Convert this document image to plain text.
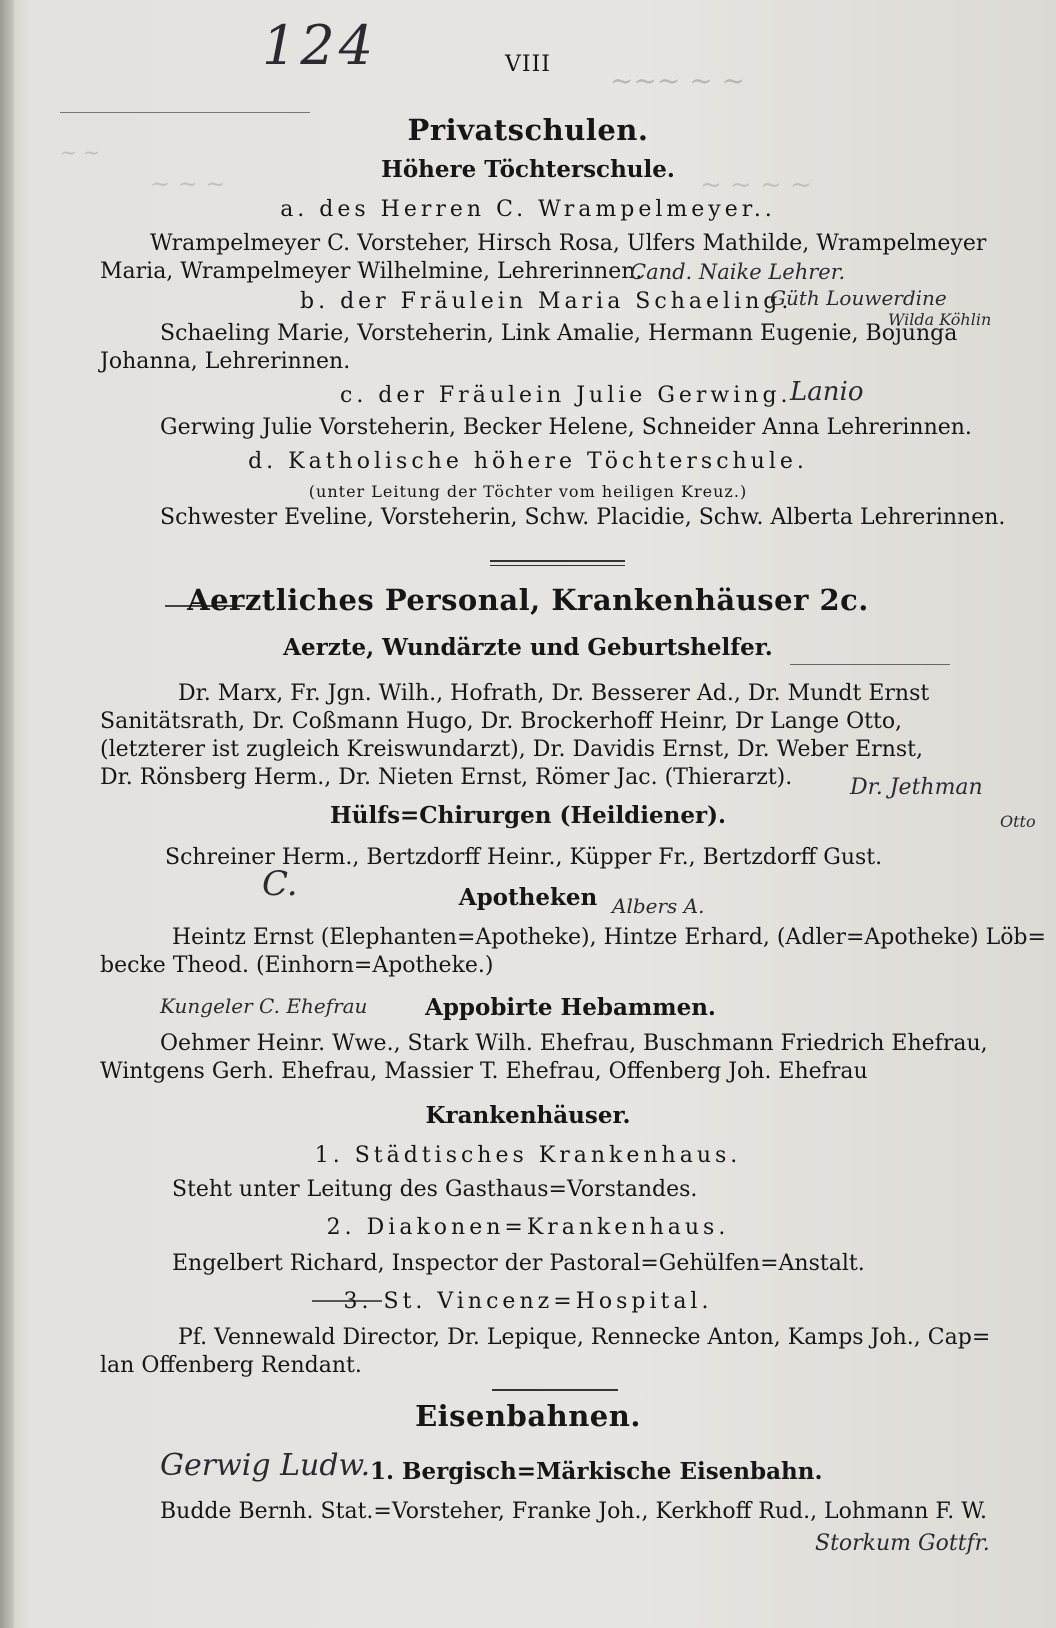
124
~~~ ~ ~
~ ~
~ ~ ~	~ ~ ~ ~
VIII
Privatschulen.
Höhere Töchterschule.
a. des Herren C. Wrampelmeyer..
Wrampelmeyer C. Vorsteher, Hirsch Rosa, Ulfers Mathilde, Wrampelmeyer
Maria, Wrampelmeyer Wilhelmine, Lehrerinnen.
Cand. Naike Lehrer.
b. der Fräulein Maria Schaeling.
Güth Louwerdine
Wilda Köhlin
Schaeling Marie, Vorsteherin, Link Amalie, Hermann Eugenie, Bojunga
Johanna, Lehrerinnen.
c. der Fräulein Julie Gerwing.
Lanio
Gerwing Julie Vorsteherin, Becker Helene, Schneider Anna Lehrerinnen.
d. Katholische höhere Töchterschule.
(unter Leitung der Töchter vom heiligen Kreuz.)
Schwester Eveline, Vorsteherin, Schw. Placidie, Schw. Alberta Lehrerinnen.
Aerztliches Personal, Krankenhäuser 2c.
Aerzte, Wundärzte und Geburtshelfer.
Dr. Marx, Fr. Jgn. Wilh., Hofrath, Dr. Besserer Ad., Dr. Mundt Ernst
Sanitätsrath, Dr. Coßmann Hugo, Dr. Brockerhoff Heinr, Dr Lange Otto,
(letzterer ist zugleich Kreiswundarzt), Dr. Davidis Ernst, Dr. Weber Ernst,
Dr. Rönsberg Herm., Dr. Nieten Ernst, Römer Jac. (Thierarzt).	Dr. Jethman
Otto
Hülfs=Chirurgen (Heildiener).
Schreiner Herm., Bertzdorff Heinr., Küpper Fr., Bertzdorff Gust.
C.	Apotheken Albers A.
Heintz Ernst (Elephanten=Apotheke), Hintze Erhard, (Adler=Apotheke) Löb=
becke Theod. (Einhorn=Apotheke.)
Kungeler C. Ehefrau	Appobirte Hebammen.
Oehmer Heinr. Wwe., Stark Wilh. Ehefrau, Buschmann Friedrich Ehefrau,
Wintgens Gerh. Ehefrau, Massier T. Ehefrau, Offenberg Joh. Ehefrau
Krankenhäuser.
1. Städtisches Krankenhaus.
Steht unter Leitung des Gasthaus=Vorstandes.
2. Diakonen=Krankenhaus.
Engelbert Richard, Inspector der Pastoral=Gehülfen=Anstalt.
3. St. Vincenz=Hospital.
Pf. Vennewald Director, Dr. Lepique, Rennecke Anton, Kamps Joh., Cap=
lan Offenberg Rendant.
Eisenbahnen.
Gerwig Ludw. 1. Bergisch=Märkische Eisenbahn.
Budde Bernh. Stat.=Vorsteher, Franke Joh., Kerkhoff Rud., Lohmann F. W.
Storkum Gottfr.
